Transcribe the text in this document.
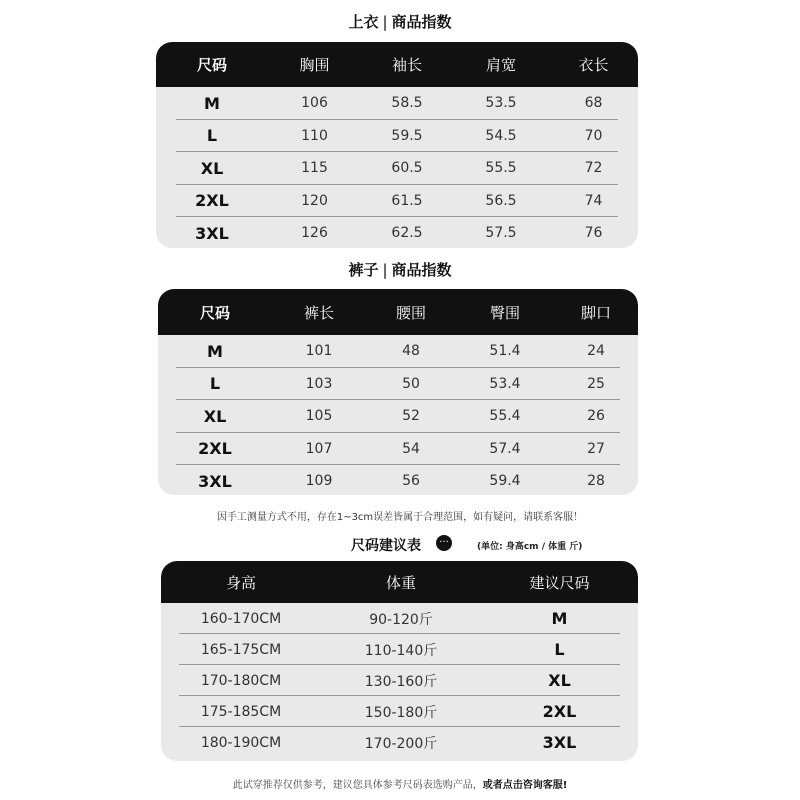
上衣 | 商品指数
尺码	胸围	袖长	肩宽	衣长
M	106	58.5	53.5	68
L	110	59.5	54.5	70
XL	115	60.5	55.5	72
2XL	120	61.5	56.5	74
3XL	126	62.5	57.5	76
裤子 | 商品指数
尺码	裤长	腰围	臀围	脚口
M	101	48	51.4	24
L	103	50	53.4	25
XL	105	52	55.4	26
2XL	107	54	57.4	27
3XL	109	56	59.4	28
因手工测量方式不用，存在1~3cm误差皆属于合理范围，如有疑问，请联系客服！
尺码建议表	···	(单位: 身高cm / 体重 斤)
身高	体重	建议尺码
160-170CM	90-120斤	M
165-175CM	110-140斤	L
170-180CM	130-160斤	XL
175-185CM	150-180斤	2XL
180-190CM	170-200斤	3XL
此试穿推荐仅供参考，建议您具体参考尺码表选购产品，或者点击咨询客服!
